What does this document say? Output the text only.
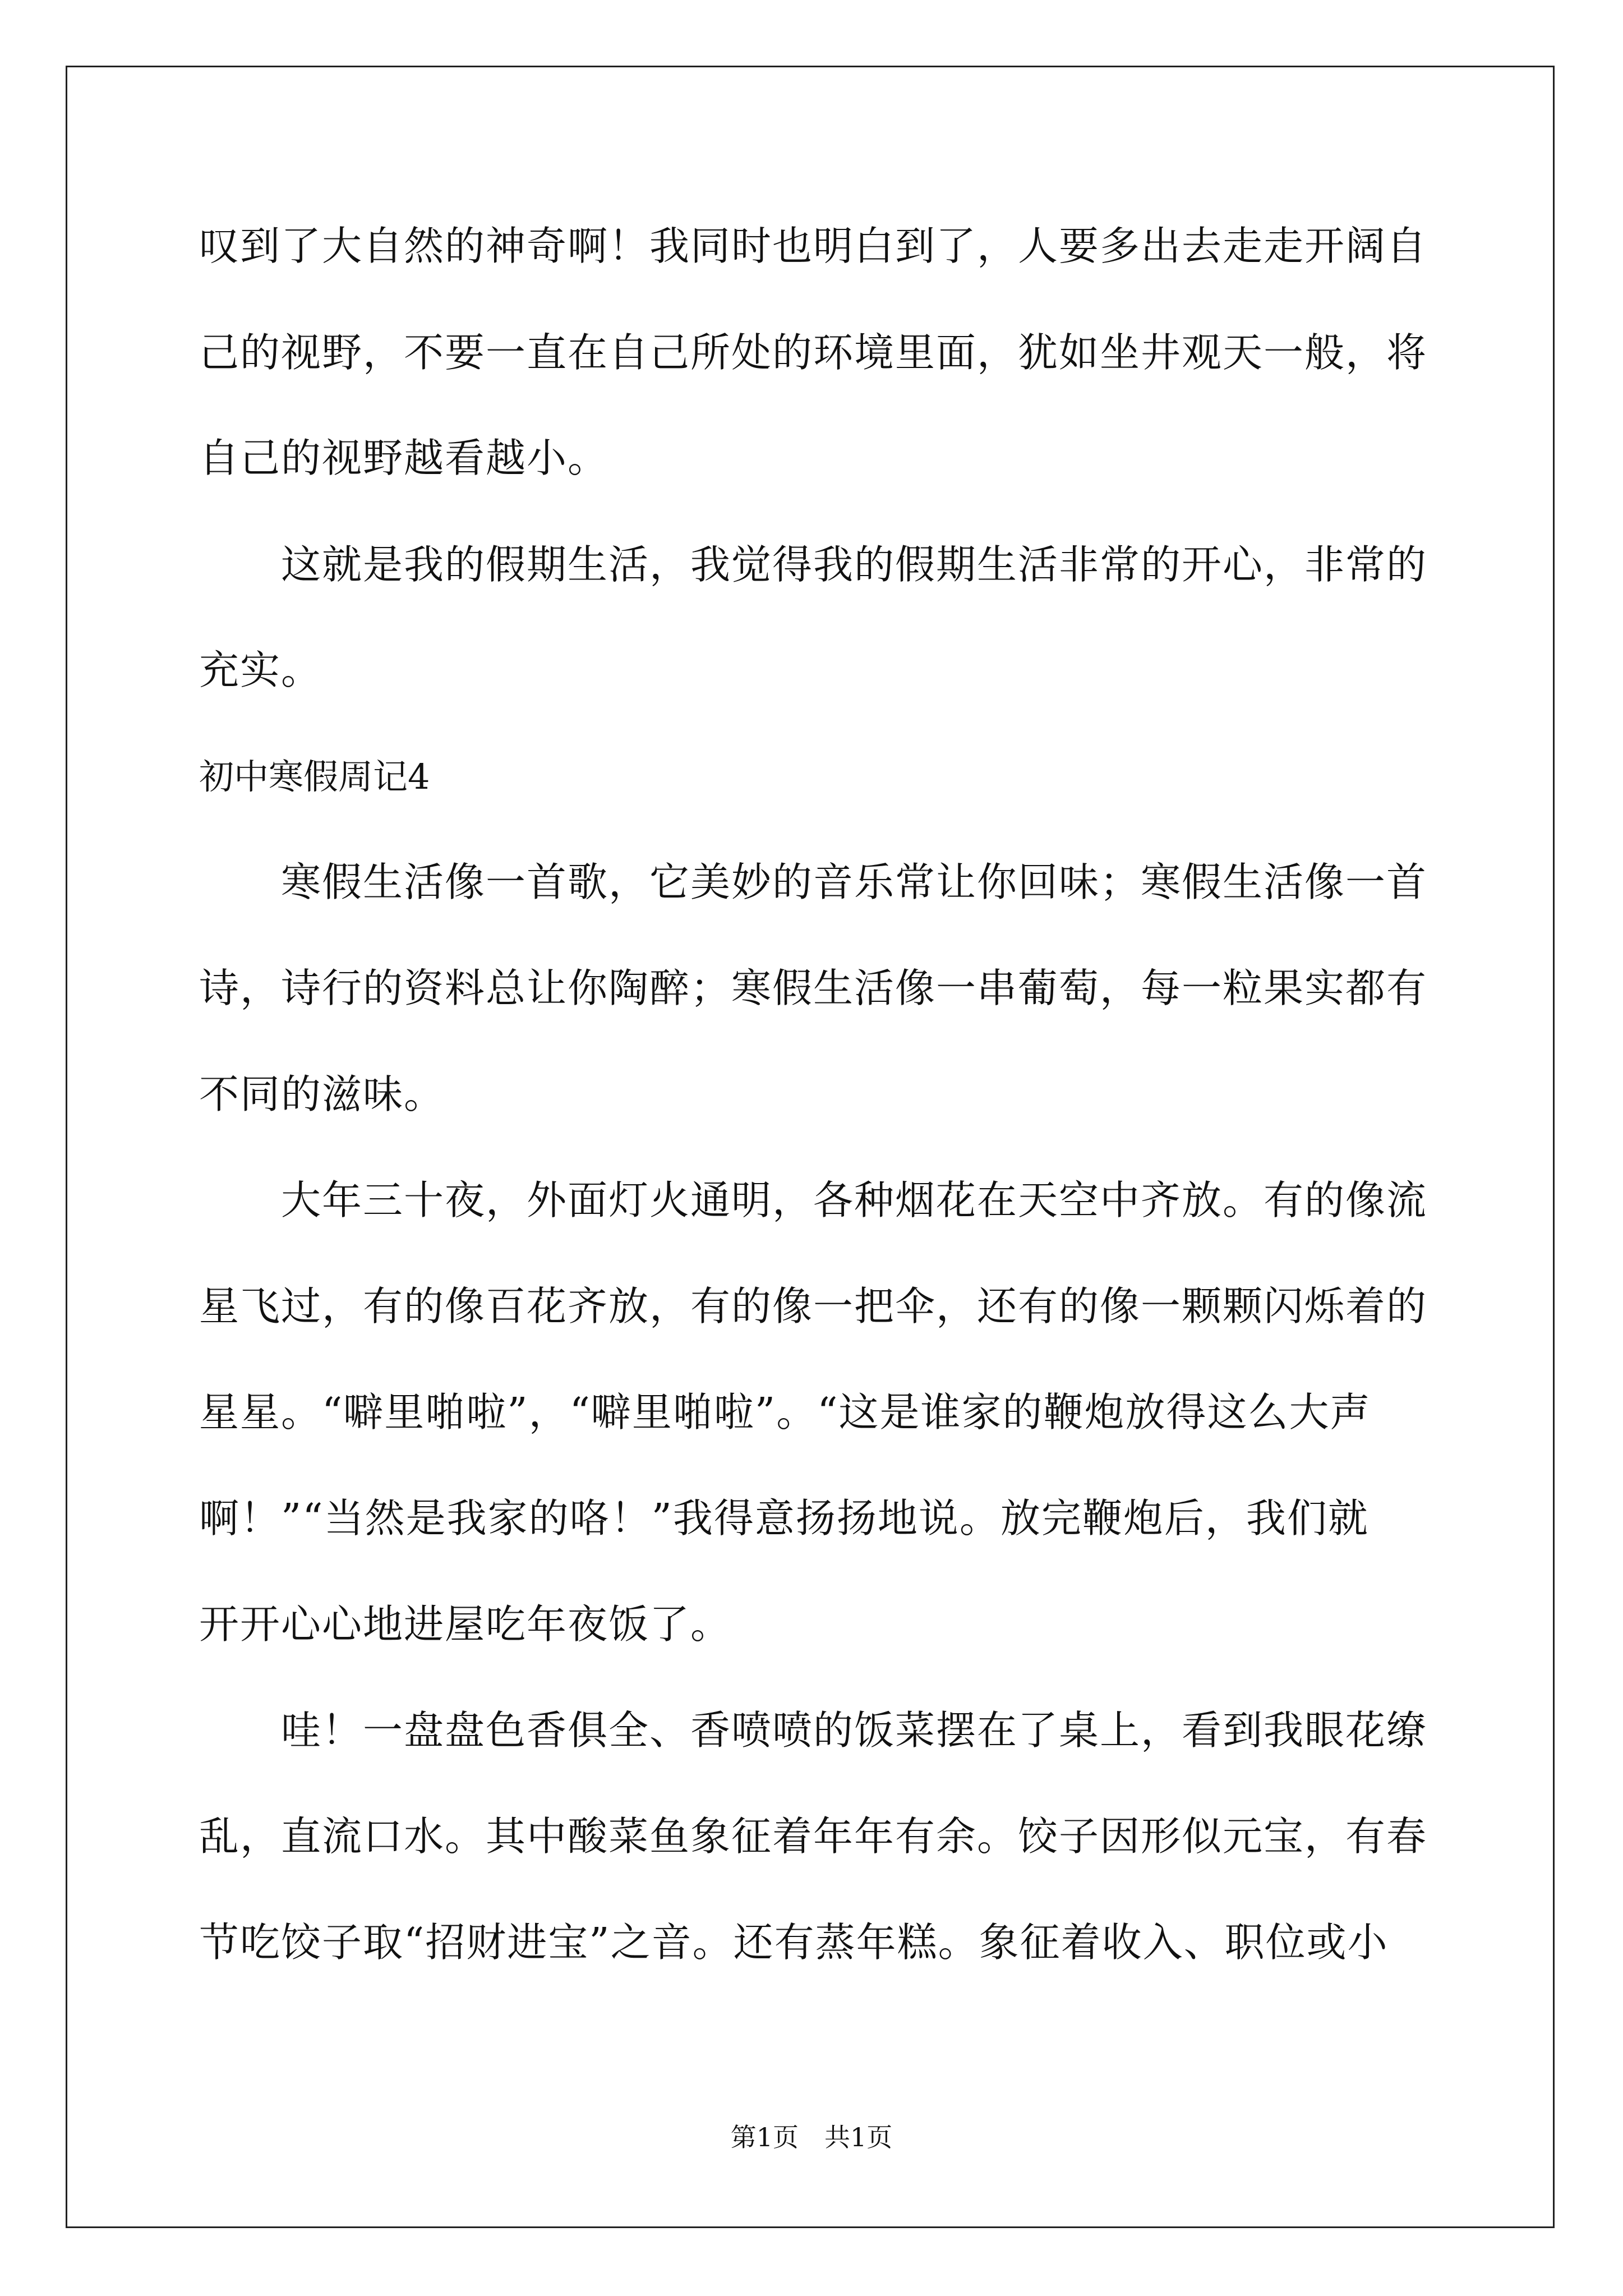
叹到了大自然的神奇啊！我同时也明白到了，人要多出去走走开阔自
己的视野，不要一直在自己所处的环境里面，犹如坐井观天一般，将
自己的视野越看越小。
　　这就是我的假期生活，我觉得我的假期生活非常的开心，非常的
充实。
初中寒假周记4
　　寒假生活像一首歌，它美妙的音乐常让你回味；寒假生活像一首
诗，诗行的资料总让你陶醉；寒假生活像一串葡萄，每一粒果实都有
不同的滋味。
　　大年三十夜，外面灯火通明，各种烟花在天空中齐放。有的像流
星飞过，有的像百花齐放，有的像一把伞，还有的像一颗颗闪烁着的
星星。“噼里啪啦”，“噼里啪啦”。“这是谁家的鞭炮放得这么大声
啊！”“当然是我家的咯！”我得意扬扬地说。放完鞭炮后，我们就
开开心心地进屋吃年夜饭了。
　　哇！一盘盘色香俱全、香喷喷的饭菜摆在了桌上，看到我眼花缭
乱，直流口水。其中酸菜鱼象征着年年有余。饺子因形似元宝，有春
节吃饺子取“招财进宝”之音。还有蒸年糕。象征着收入、职位或小
第1页　共1页
